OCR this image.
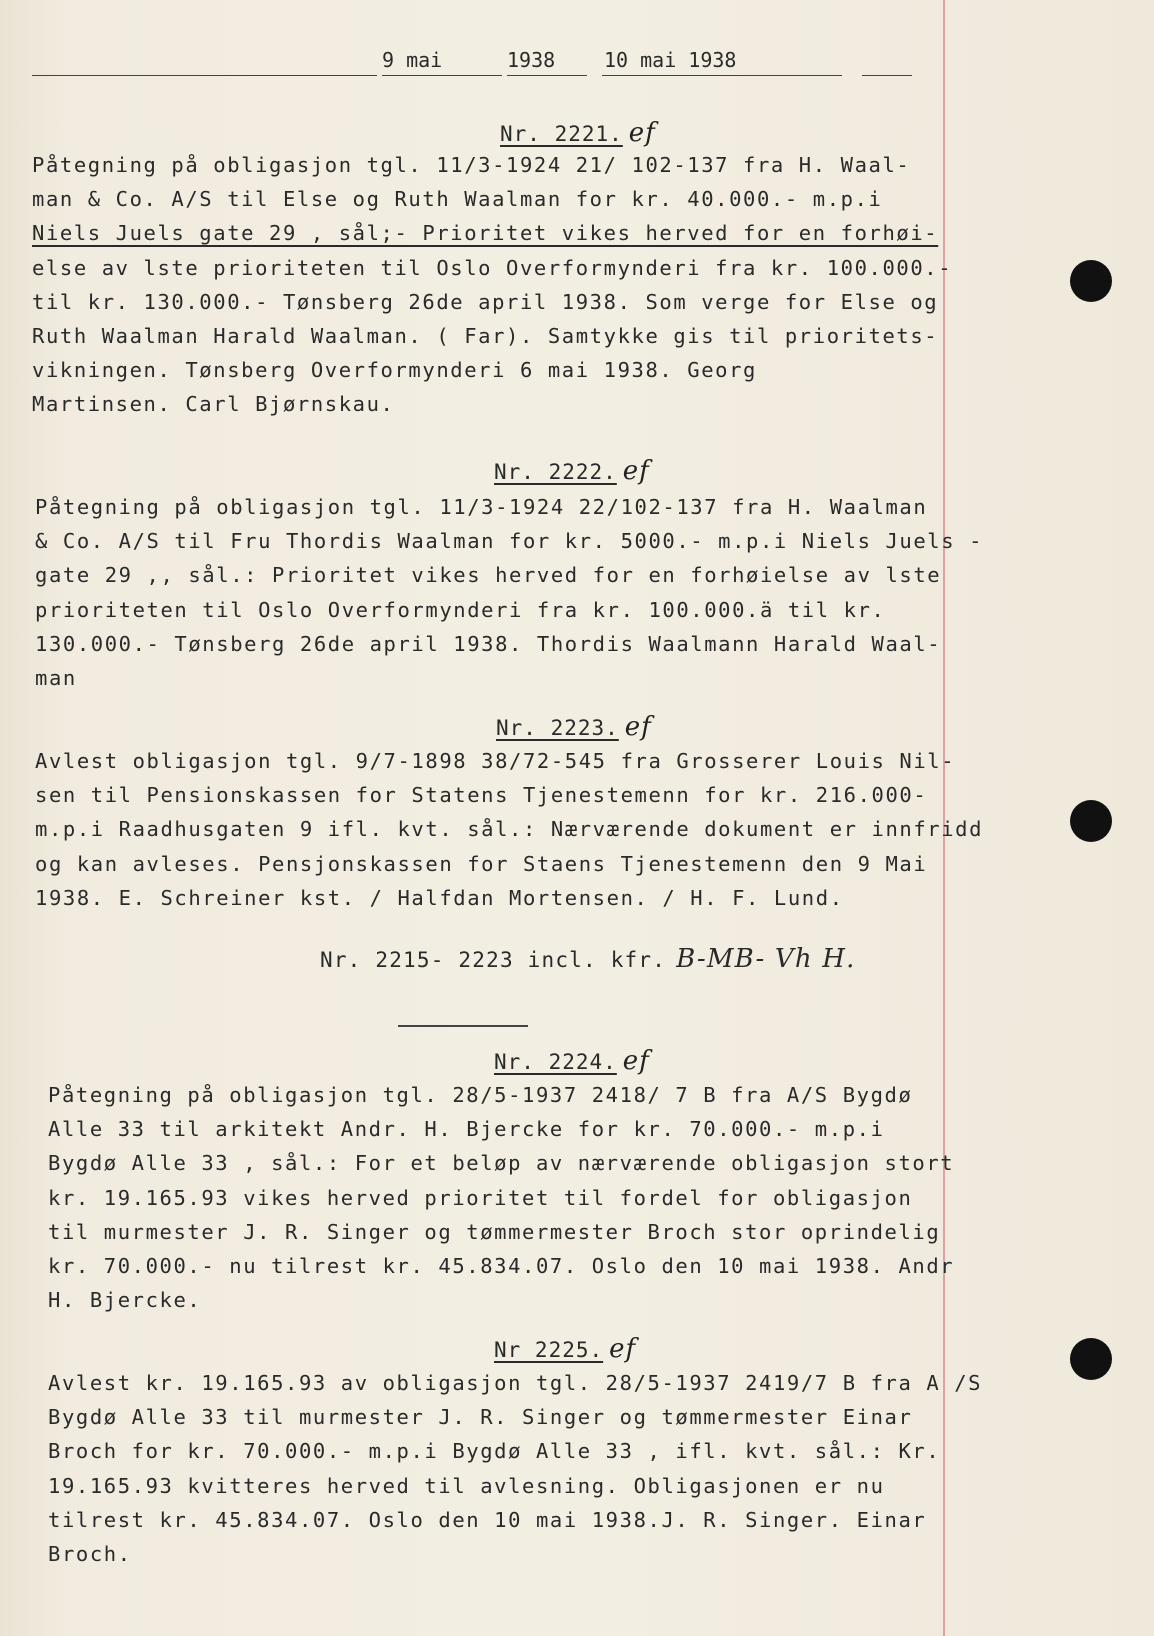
9 mai	1938 10 mai 1938
Nr. 2221. ef
Påtegning på obligasjon tgl. 11/3-1924 21/ 102-137 fra H. Waal-
man & Co. A/S til Else og Ruth Waalman for kr. 40.000.- m.p.i
Niels Juels gate 29 , sål;- Prioritet vikes herved for en forhøi-
else av lste prioriteten til Oslo Overformynderi fra kr. 100.000.-
til kr. 130.000.- Tønsberg 26de april 1938. Som verge for Else og
Ruth Waalman Harald Waalman. ( Far). Samtykke gis til prioritets-
vikningen. Tønsberg Overformynderi 6 mai 1938. Georg
Martinsen. Carl Bjørnskau.
Nr. 2222. ef
Påtegning på obligasjon tgl. 11/3-1924 22/102-137 fra H. Waalman
& Co. A/S til Fru Thordis Waalman for kr. 5000.- m.p.i Niels Juels -
gate 29 ,, sål.: Prioritet vikes herved for en forhøielse av lste
prioriteten til Oslo Overformynderi fra kr. 100.000.ä til kr.
130.000.- Tønsberg 26de april 1938. Thordis Waalmann Harald Waal-
man
Nr. 2223. ef
Avlest obligasjon tgl. 9/7-1898 38/72-545 fra Grosserer Louis Nil-
sen til Pensionskassen for Statens Tjenestemenn for kr. 216.000-
m.p.i Raadhusgaten 9 ifl. kvt. sål.: Nærværende dokument er innfridd
og kan avleses. Pensjonskassen for Staens Tjenestemenn den 9 Mai
1938. E. Schreiner kst. / Halfdan Mortensen. / H. F. Lund.
Nr. 2215- 2223 incl. kfr. B-MB- Vh H.
Nr. 2224. ef
Påtegning på obligasjon tgl. 28/5-1937 2418/ 7 B fra A/S Bygdø
Alle 33 til arkitekt Andr. H. Bjercke for kr. 70.000.- m.p.i
Bygdø Alle 33 , sål.: For et beløp av nærværende obligasjon stort
kr. 19.165.93 vikes herved prioritet til fordel for obligasjon
til murmester J. R. Singer og tømmermester Broch stor oprindelig
kr. 70.000.- nu tilrest kr. 45.834.07. Oslo den 10 mai 1938. Andr
H. Bjercke.
Nr 2225. ef
Avlest kr. 19.165.93 av obligasjon tgl. 28/5-1937 2419/7 B fra A /S
Bygdø Alle 33 til murmester J. R. Singer og tømmermester Einar
Broch for kr. 70.000.- m.p.i Bygdø Alle 33 , ifl. kvt. sål.: Kr.
19.165.93 kvitteres herved til avlesning. Obligasjonen er nu
tilrest kr. 45.834.07. Oslo den 10 mai 1938.J. R. Singer. Einar
Broch.
